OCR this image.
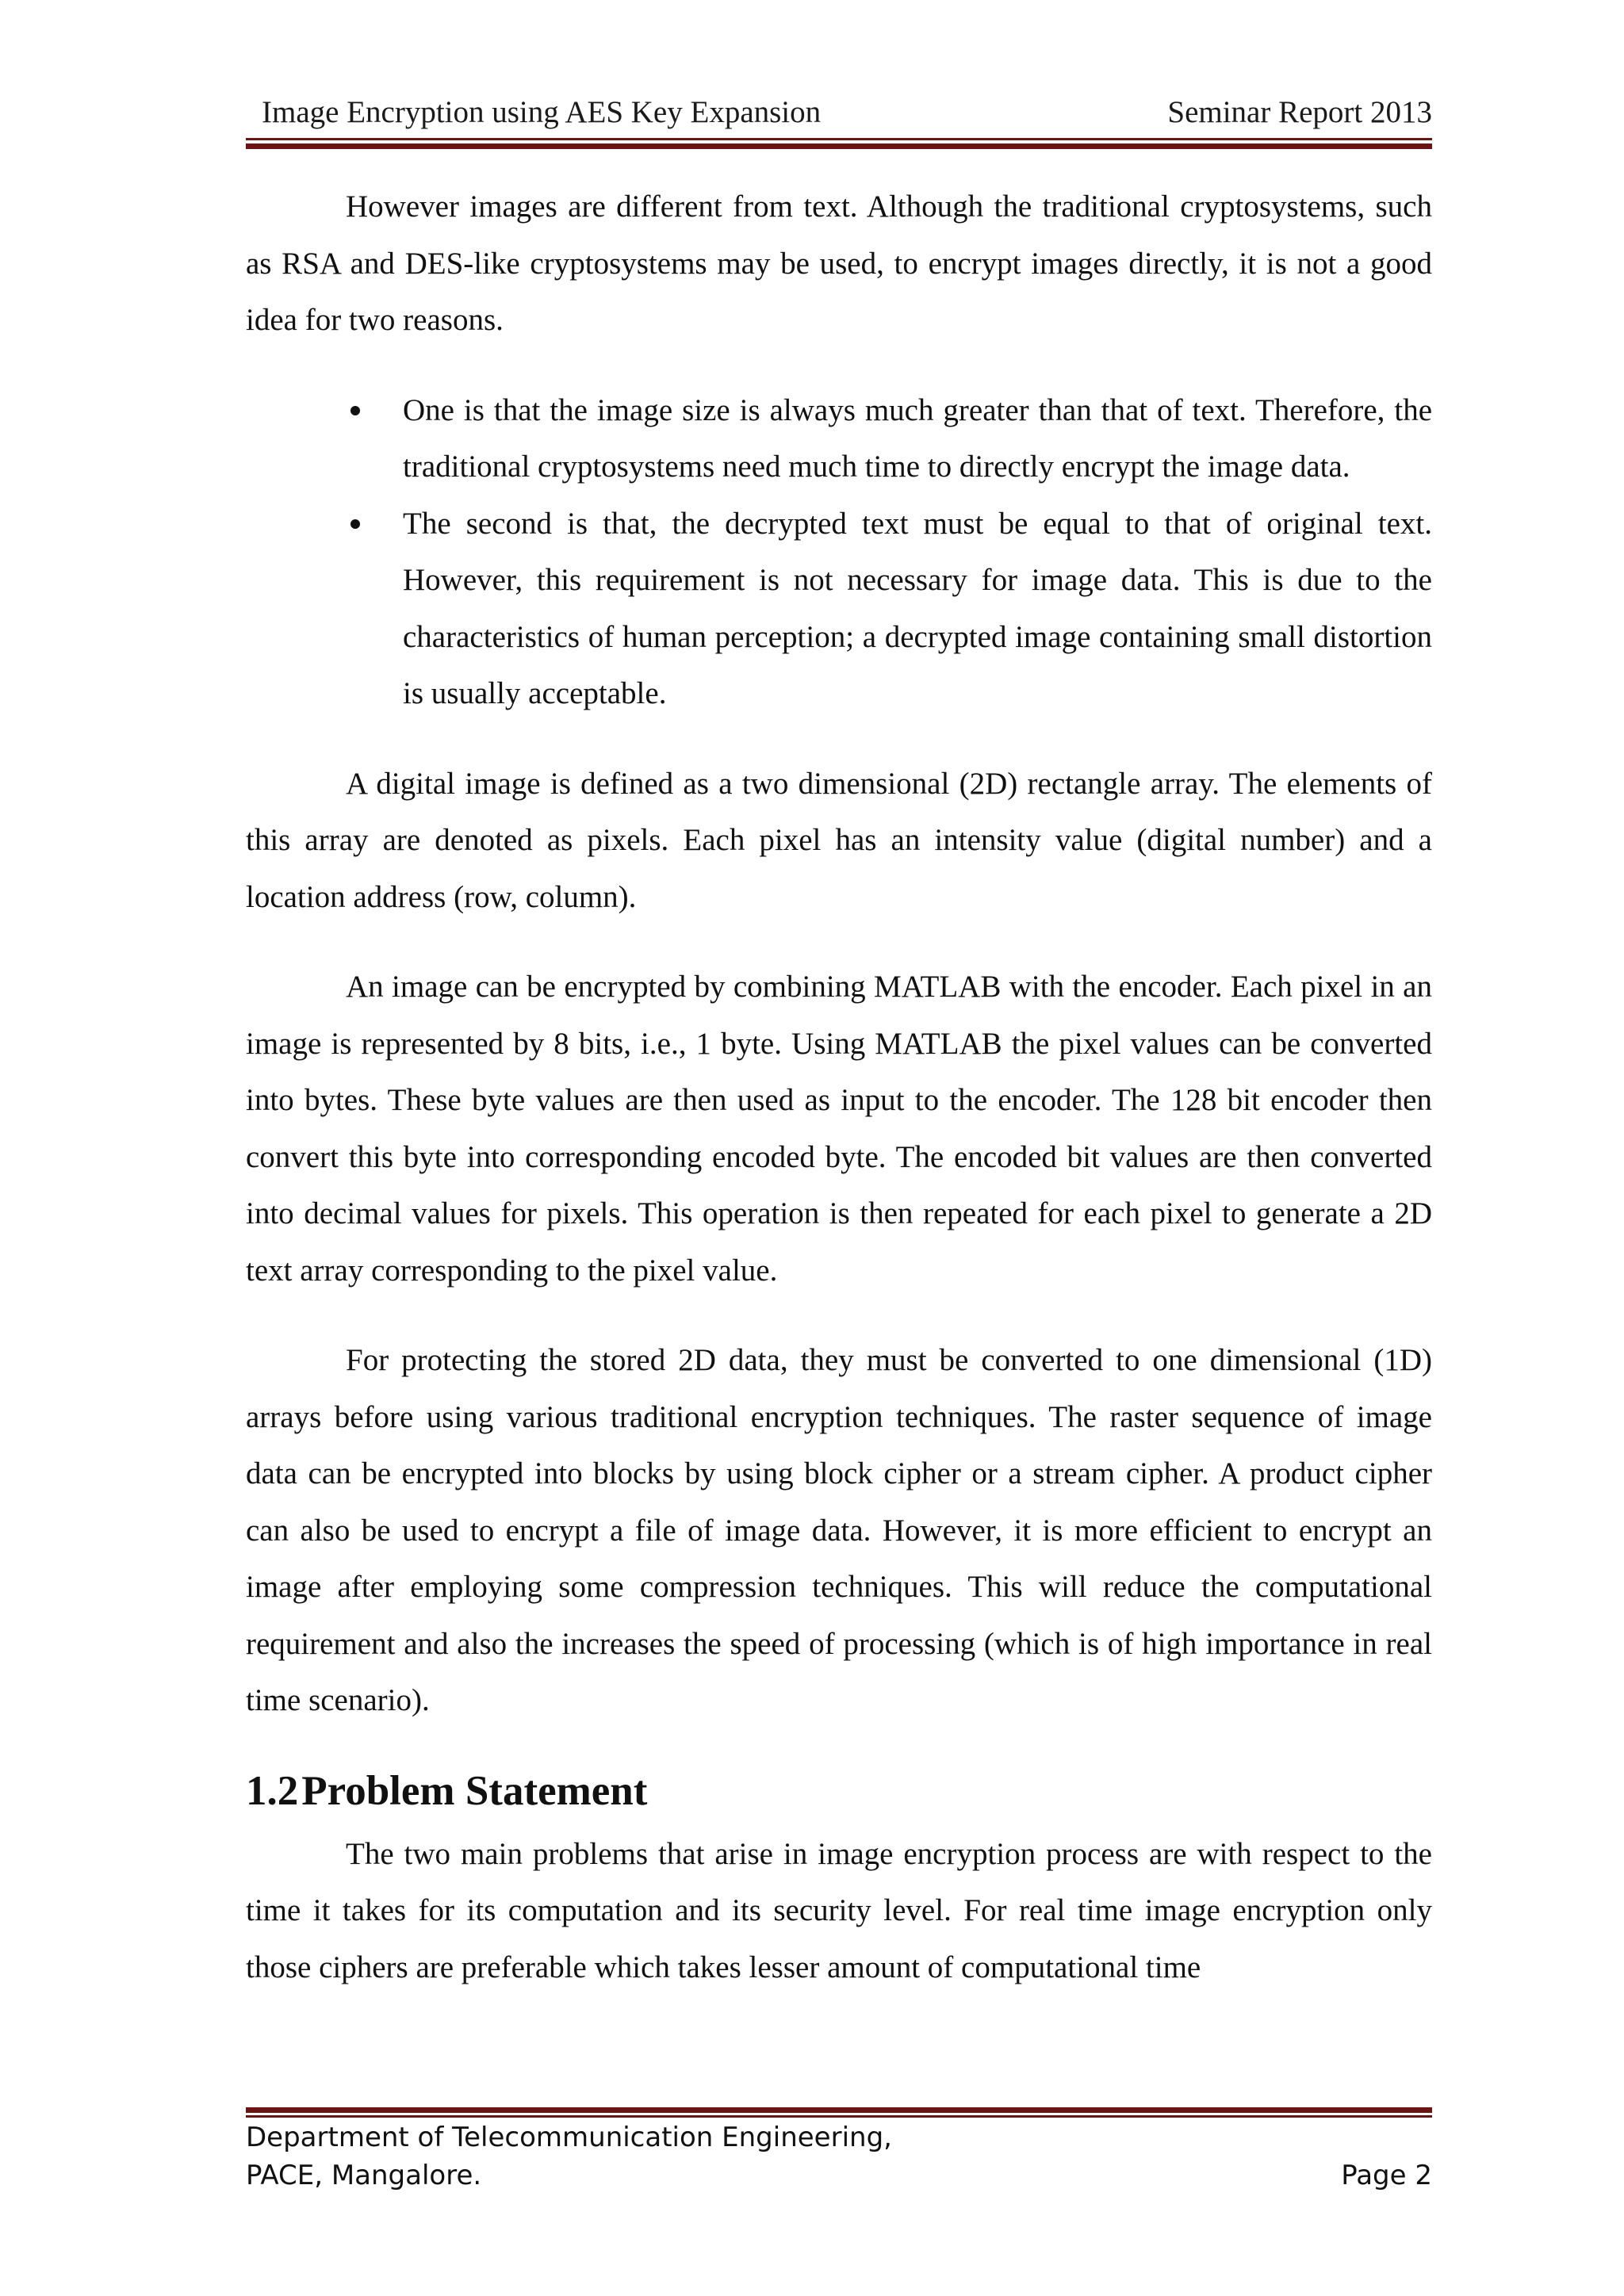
Image Encryption using AES Key Expansion	Seminar Report 2013

However images are different from text. Although the traditional cryptosystems, such as RSA and DES-like cryptosystems may be used, to encrypt images directly, it is not a good idea for two reasons.

One is that the image size is always much greater than that of text. Therefore, the traditional cryptosystems need much time to directly encrypt the image data.
The second is that, the decrypted text must be equal to that of original text. However, this requirement is not necessary for image data. This is due to the characteristics of human perception; a decrypted image containing small distortion is usually acceptable.

A digital image is defined as a two dimensional (2D) rectangle array. The elements of this array are denoted as pixels. Each pixel has an intensity value (digital number) and a location address (row, column).

An image can be encrypted by combining MATLAB with the encoder. Each pixel in an image is represented by 8 bits, i.e., 1 byte. Using MATLAB the pixel values can be converted into bytes. These byte values are then used as input to the encoder. The 128 bit encoder then convert this byte into corresponding encoded byte. The encoded bit values are then converted into decimal values for pixels. This operation is then repeated for each pixel to generate a 2D text array corresponding to the pixel value.

For protecting the stored 2D data, they must be converted to one dimensional (1D) arrays before using various traditional encryption techniques. The raster sequence of image data can be encrypted into blocks by using block cipher or a stream cipher. A product cipher can also be used to encrypt a file of image data. However, it is more efficient to encrypt an image after employing some compression techniques. This will reduce the computational requirement and also the increases the speed of processing (which is of high importance in real time scenario).

1.2Problem Statement

The two main problems that arise in image encryption process are with respect to the time it takes for its computation and its security level. For real time image encryption only those ciphers are preferable which takes lesser amount of computational time

Department of Telecommunication Engineering,
PACE, Mangalore.	Page 2
